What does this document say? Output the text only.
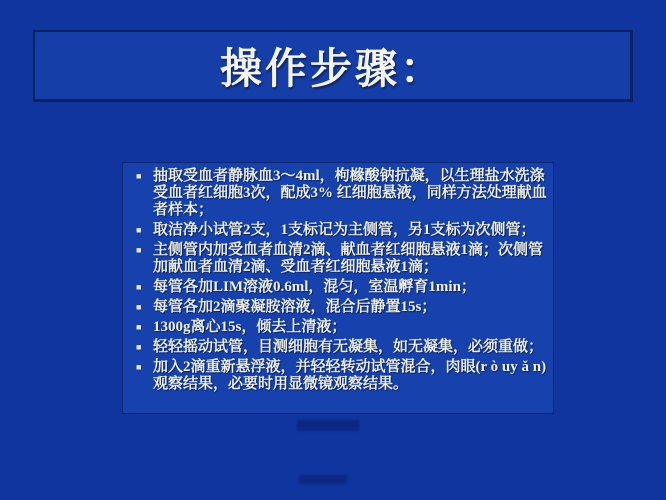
操作步骤：
■ 抽取受血者静脉血3～4ml，枸橼酸钠抗凝，以生理盐水洗涤受血者红细胞3次，配成3% 红细胞悬液，同样方法处理献血者样本；
■ 取洁净小试管2支，1支标记为主侧管，另1支标为次侧管；
■ 主侧管内加受血者血清2滴、献血者红细胞悬液1滴；次侧管加献血者血清2滴、受血者红细胞悬液1滴；
■ 每管各加LIM溶液0.6ml，混匀，室温孵育1min；
■ 每管各加2滴聚凝胺溶液，混合后静置15s；
■ 1300g离心15s，倾去上清液；
■ 轻轻摇动试管，目测细胞有无凝集，如无凝集，必须重做；
■ 加入2滴重新悬浮液，并轻轻转动试管混合，肉眼(r ò uy ǎ n)观察结果，必要时用显微镜观察结果。
